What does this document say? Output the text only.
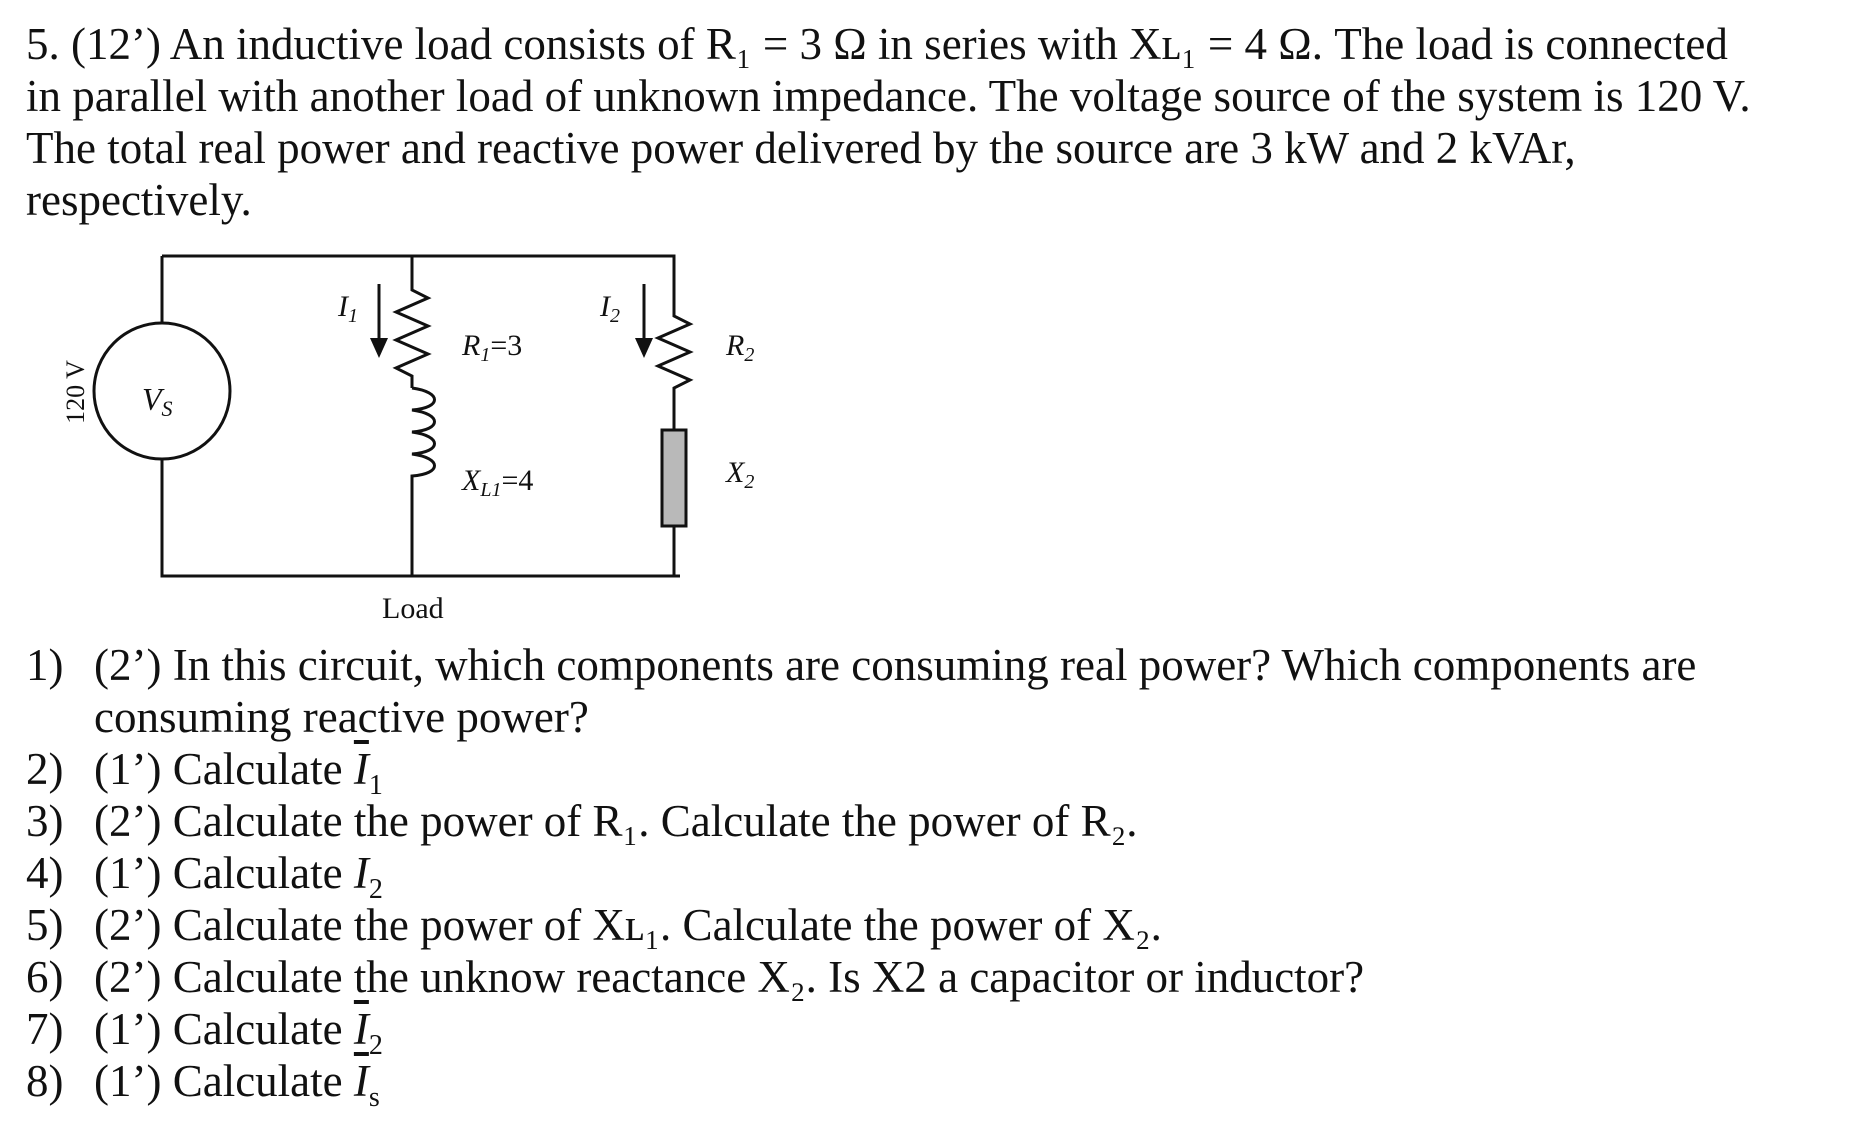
5. (12’) An inductive load consists of R₁ = 3 Ω in series with Xʟ₁ = 4 Ω. The load is connected
in parallel with another load of unknown impedance. The voltage source of the system is 120 V.
The total real power and reactive power delivered by the source are 3 kW and 2 kVAr,
respectively.
VS
120 V
$I_1$
$R_1=3$
$X_{L1}=4$
$I_2$
$R_2$
$X_2$
Load
1) (2’) In this circuit, which components are consuming real power? Which components are
consuming reactive power?
2) (1’) Calculate $\overline{I}_1$
3) (2’) Calculate the power of R₁. Calculate the power of R₂.
4) (1’) Calculate $I_2$
5) (2’) Calculate the power of Xʟ₁. Calculate the power of X₂.
6) (2’) Calculate the unknow reactance X₂. Is X2 a capacitor or inductor?
7) (1’) Calculate $\overline{I}_2$
8) (1’) Calculate $\overline{I}_s$
